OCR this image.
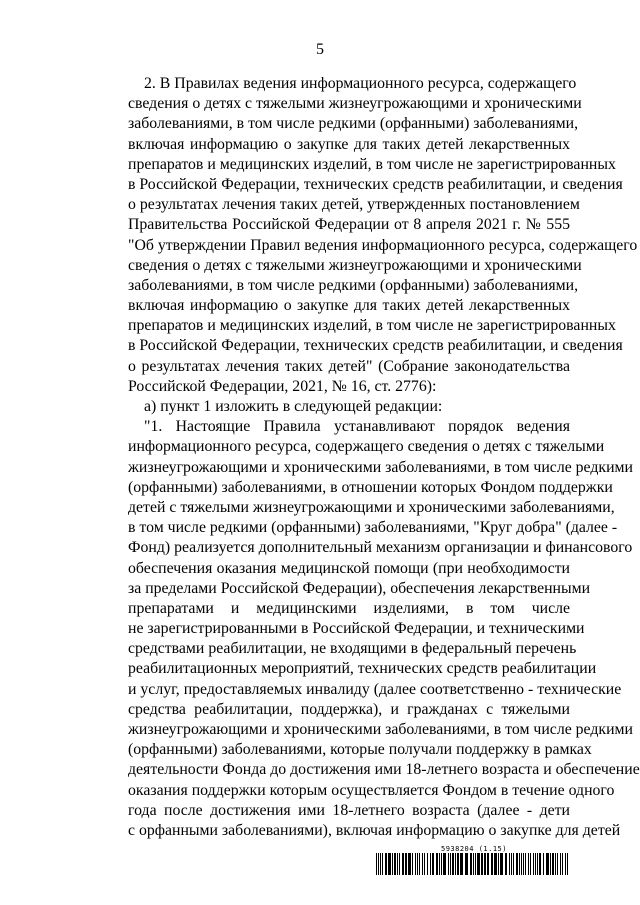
5
2. В Правилах ведения информационного ресурса, содержащего
сведения о детях с тяжелыми жизнеугрожающими и хроническими
заболеваниями, в том числе редкими (орфанными) заболеваниями,
включая информацию о закупке для таких детей лекарственных
препаратов и медицинских изделий, в том числе не зарегистрированных
в Российской Федерации, технических средств реабилитации, и сведения
о результатах лечения таких детей, утвержденных постановлением
Правительства Российской Федерации от 8 апреля 2021 г. № 555
"Об утверждении Правил ведения информационного ресурса, содержащего
сведения о детях с тяжелыми жизнеугрожающими и хроническими
заболеваниями, в том числе редкими (орфанными) заболеваниями,
включая информацию о закупке для таких детей лекарственных
препаратов и медицинских изделий, в том числе не зарегистрированных
в Российской Федерации, технических средств реабилитации, и сведения
о результатах лечения таких детей" (Собрание законодательства
Российской Федерации, 2021, № 16, ст. 2776):
а) пункт 1 изложить в следующей редакции:
"1. Настоящие Правила устанавливают порядок ведения
информационного ресурса, содержащего сведения о детях с тяжелыми
жизнеугрожающими и хроническими заболеваниями, в том числе редкими
(орфанными) заболеваниями, в отношении которых Фондом поддержки
детей с тяжелыми жизнеугрожающими и хроническими заболеваниями,
в том числе редкими (орфанными) заболеваниями, "Круг добра" (далее -
Фонд) реализуется дополнительный механизм организации и финансового
обеспечения оказания медицинской помощи (при необходимости
за пределами Российской Федерации), обеспечения лекарственными
препаратами и медицинскими изделиями, в том числе
не зарегистрированными в Российской Федерации, и техническими
средствами реабилитации, не входящими в федеральный перечень
реабилитационных мероприятий, технических средств реабилитации
и услуг, предоставляемых инвалиду (далее соответственно - технические
средства реабилитации, поддержка), и гражданах с тяжелыми
жизнеугрожающими и хроническими заболеваниями, в том числе редкими
(орфанными) заболеваниями, которые получали поддержку в рамках
деятельности Фонда до достижения ими 18-летнего возраста и обеспечение
оказания поддержки которым осуществляется Фондом в течение одного
года после достижения ими 18-летнего возраста (далее - дети
с орфанными заболеваниями), включая информацию о закупке для детей
5938204 (1.15)
